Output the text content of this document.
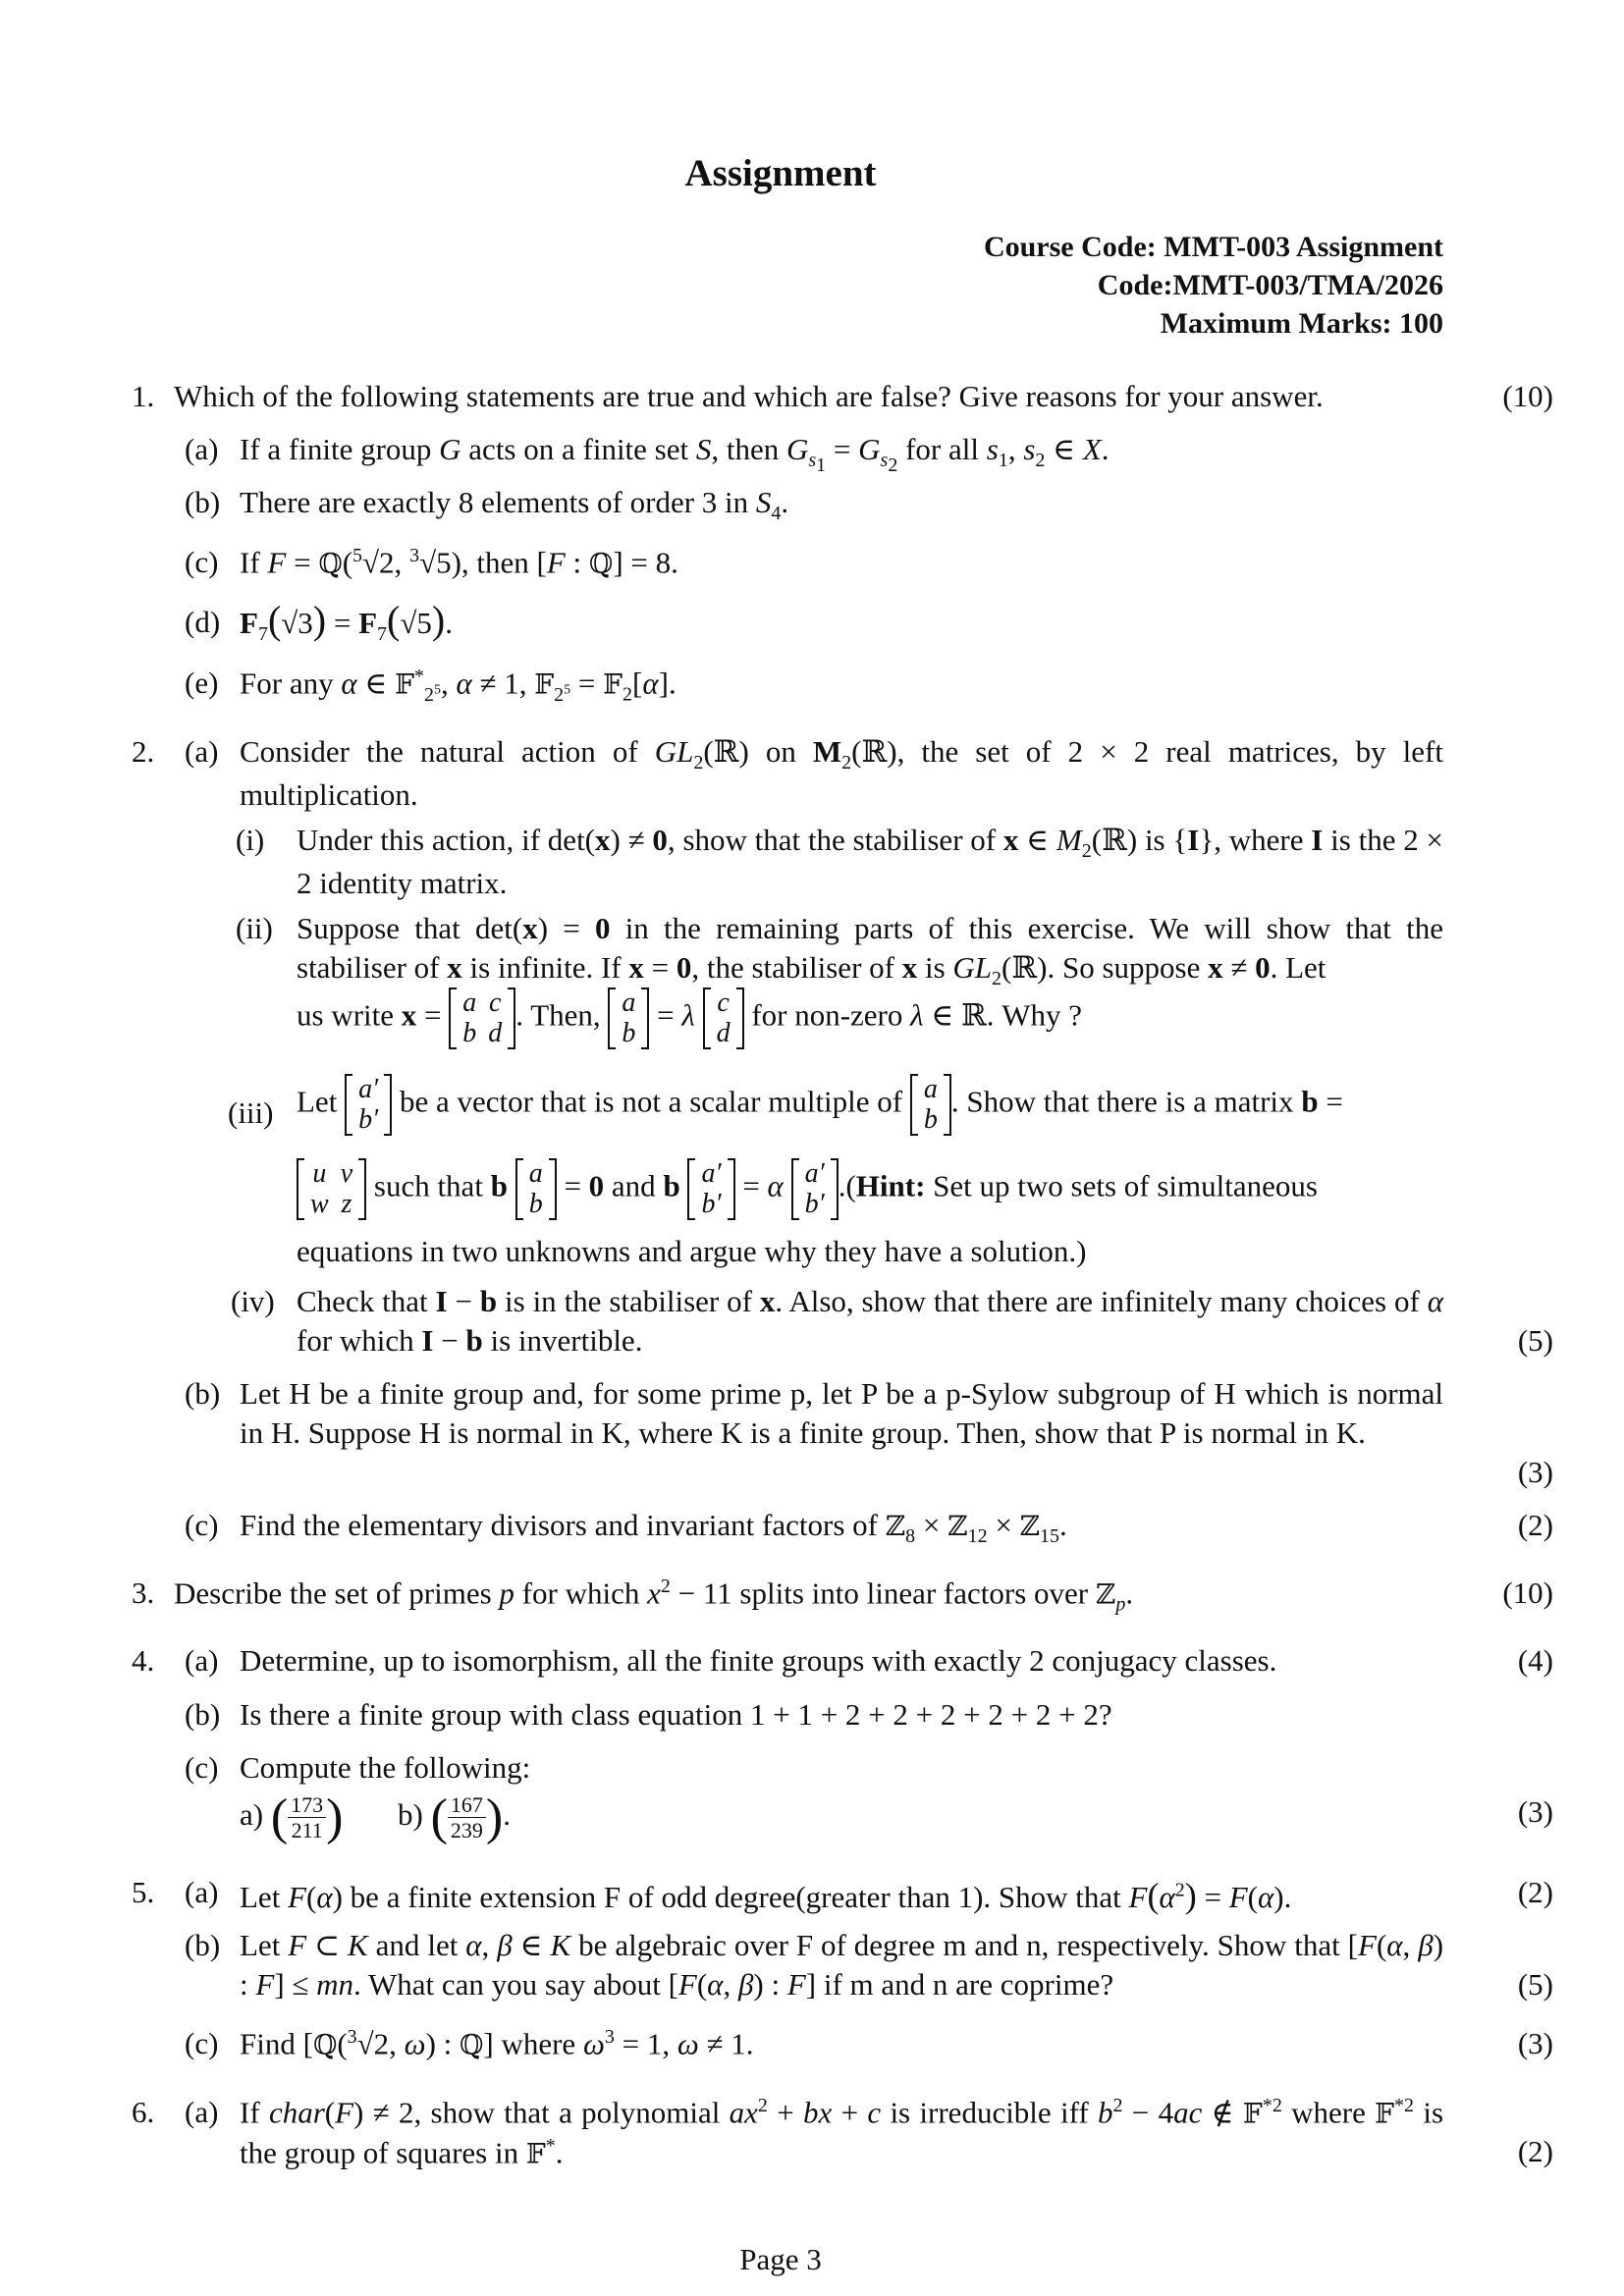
Assignment
Course Code: MMT-003 Assignment
Code:MMT-003/TMA/2026
Maximum Marks: 100
1. Which of the following statements are true and which are false? Give reasons for your answer.	(10)
(a) If a finite group G acts on a finite set S, then $G_{s_1} = G_{s_2}$ for all $s_1$, $s_2$ ∈ X.
(b) There are exactly 8 elements of order 3 in $S_4$.
(c) If F = ℚ($^5$√2, $^3$√5), then [F : ℚ] = 8.
(d) $F_7(√3) = F_7(√5)$.
(e) For any α ∈ 𝔽*$_{2^5}$, α ≠ 1, 𝔽$_{2^5}$ = 𝔽$_2$[α].
2. (a) Consider the natural action of $GL_2(ℝ)$ on $M_2(ℝ)$, the set of 2 × 2 real matrices, by left multiplication.
(i) Under this action, if det(x) ≠ 0, show that the stabiliser of x ∈ $M_2(ℝ)$ is {I}, where I is the 2 × 2 identity matrix.
(ii) Suppose that det(x) = 0 in the remaining parts of this exercise. We will show that the stabiliser of x is infinite. If x = 0, the stabiliser of x is $GL_2(ℝ)$. So suppose x ≠ 0. Let
us write x = a	c
b	d
. Then, a
b
= λ c
d
for non-zero λ ∈ ℝ. Why ?
(iii) Let a′
b′
be a vector that is not a scalar multiple of a
b
. Show that there is a matrix b =
u	v
w	z
such that b a
b
= 0 and b a′
b′
= α a′
b′
.(Hint: Set up two sets of simultaneous
equations in two unknowns and argue why they have a solution.)
(iv) Check that I − b is in the stabiliser of x. Also, show that there are infinitely many choices of α for which I − b is invertible.	(5)
(b) Let H be a finite group and, for some prime p, let P be a p-Sylow subgroup of H which is normal in H. Suppose H is normal in K, where K is a finite group. Then, show that P is normal in K.
(3)
(c) Find the elementary divisors and invariant factors of ℤ$_8$ × ℤ$_{12}$ × ℤ$_{15}$.	(2)
3. Describe the set of primes p for which $x^2 - 11$ splits into linear factors over ℤ$_p$.	(10)
4. (a) Determine, up to isomorphism, all the finite groups with exactly 2 conjugacy classes.	(4)
(b) Is there a finite group with class equation 1 + 1 + 2 + 2 + 2 + 2 + 2 + 2?
(c) Compute the following:
a) ( $\frac{173}{211}$ ) b) ( $\frac{167}{239}$ ).	(3)
5. (a) Let F(α) be a finite extension F of odd degree(greater than 1). Show that $F(\alpha^2) = F(\alpha)$.	(2)
(b) Let F ⊂ K and let α, β ∈ K be algebraic over F of degree m and n, respectively. Show that [F(α, β) : F] ≤ mn. What can you say about [F(α, β) : F] if m and n are coprime?	(5)
(c) Find [ℚ($^3$√2, ω) : ℚ] where $\omega^3 = 1$, ω ≠ 1.	(3)
6. (a) If char(F) ≠ 2, show that a polynomial $ax^2$ + bx + c is irreducible iff $b^2 - 4ac$ ∉ 𝔽$^{*2}$ where 𝔽$^{*2}$ is the group of squares in 𝔽*.	(2)
Page 3
